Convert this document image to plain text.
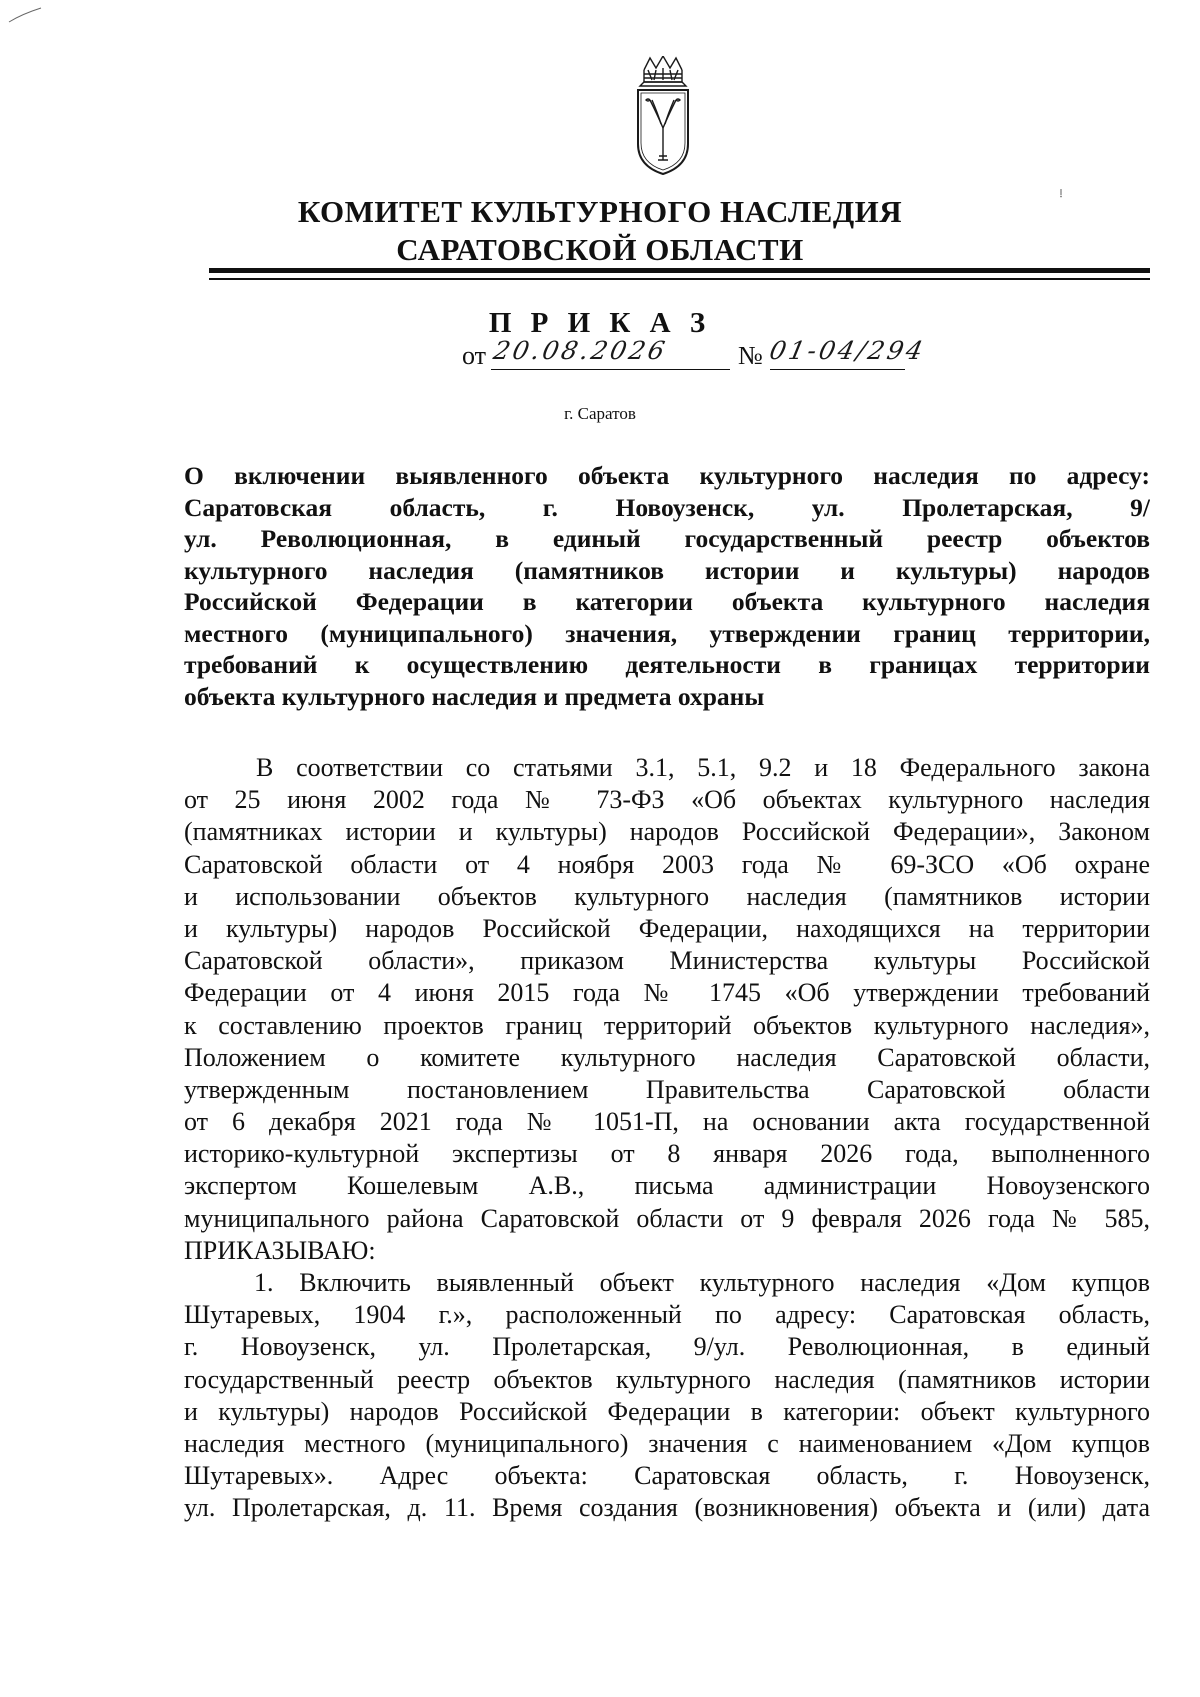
КОМИТЕТ КУЛЬТУРНОГО НАСЛЕДИЯ
САРАТОВСКОЙ ОБЛАСТИ
П Р И К А З
от 20.08.2026	№ 01-04/294
г. Саратов
О включении выявленного объекта культурного наследия по адресу:
Саратовская область, г. Новоузенск, ул. Пролетарская, 9/
ул. Революционная, в единый государственный реестр объектов
культурного наследия (памятников истории и культуры) народов
Российской Федерации в категории объекта культурного наследия
местного (муниципального) значения, утверждении границ территории,
требований к осуществлению деятельности в границах территории
объекта культурного наследия и предмета охраны
В соответствии со статьями 3.1, 5.1, 9.2 и 18 Федерального закона
от 25 июня 2002 года № 73-ФЗ «Об объектах культурного наследия
(памятниках истории и культуры) народов Российской Федерации», Законом
Саратовской области от 4 ноября 2003 года № 69-ЗСО «Об охране
и использовании объектов культурного наследия (памятников истории
и культуры) народов Российской Федерации, находящихся на территории
Саратовской области», приказом Министерства культуры Российской
Федерации от 4 июня 2015 года № 1745 «Об утверждении требований
к составлению проектов границ территорий объектов культурного наследия»,
Положением о комитете культурного наследия Саратовской области,
утвержденным постановлением Правительства Саратовской области
от 6 декабря 2021 года № 1051-П, на основании акта государственной
историко-культурной экспертизы от 8 января 2026 года, выполненного
экспертом Кошелевым А.В., письма администрации Новоузенского
муниципального района Саратовской области от 9 февраля 2026 года № 585,
ПРИКАЗЫВАЮ:
1. Включить выявленный объект культурного наследия «Дом купцов
Шутаревых, 1904 г.», расположенный по адресу: Саратовская область,
г. Новоузенск, ул. Пролетарская, 9/ул. Революционная, в единый
государственный реестр объектов культурного наследия (памятников истории
и культуры) народов Российской Федерации в категории: объект культурного
наследия местного (муниципального) значения с наименованием «Дом купцов
Шутаревых». Адрес объекта: Саратовская область, г. Новоузенск,
ул. Пролетарская, д. 11. Время создания (возникновения) объекта и (или) дата
